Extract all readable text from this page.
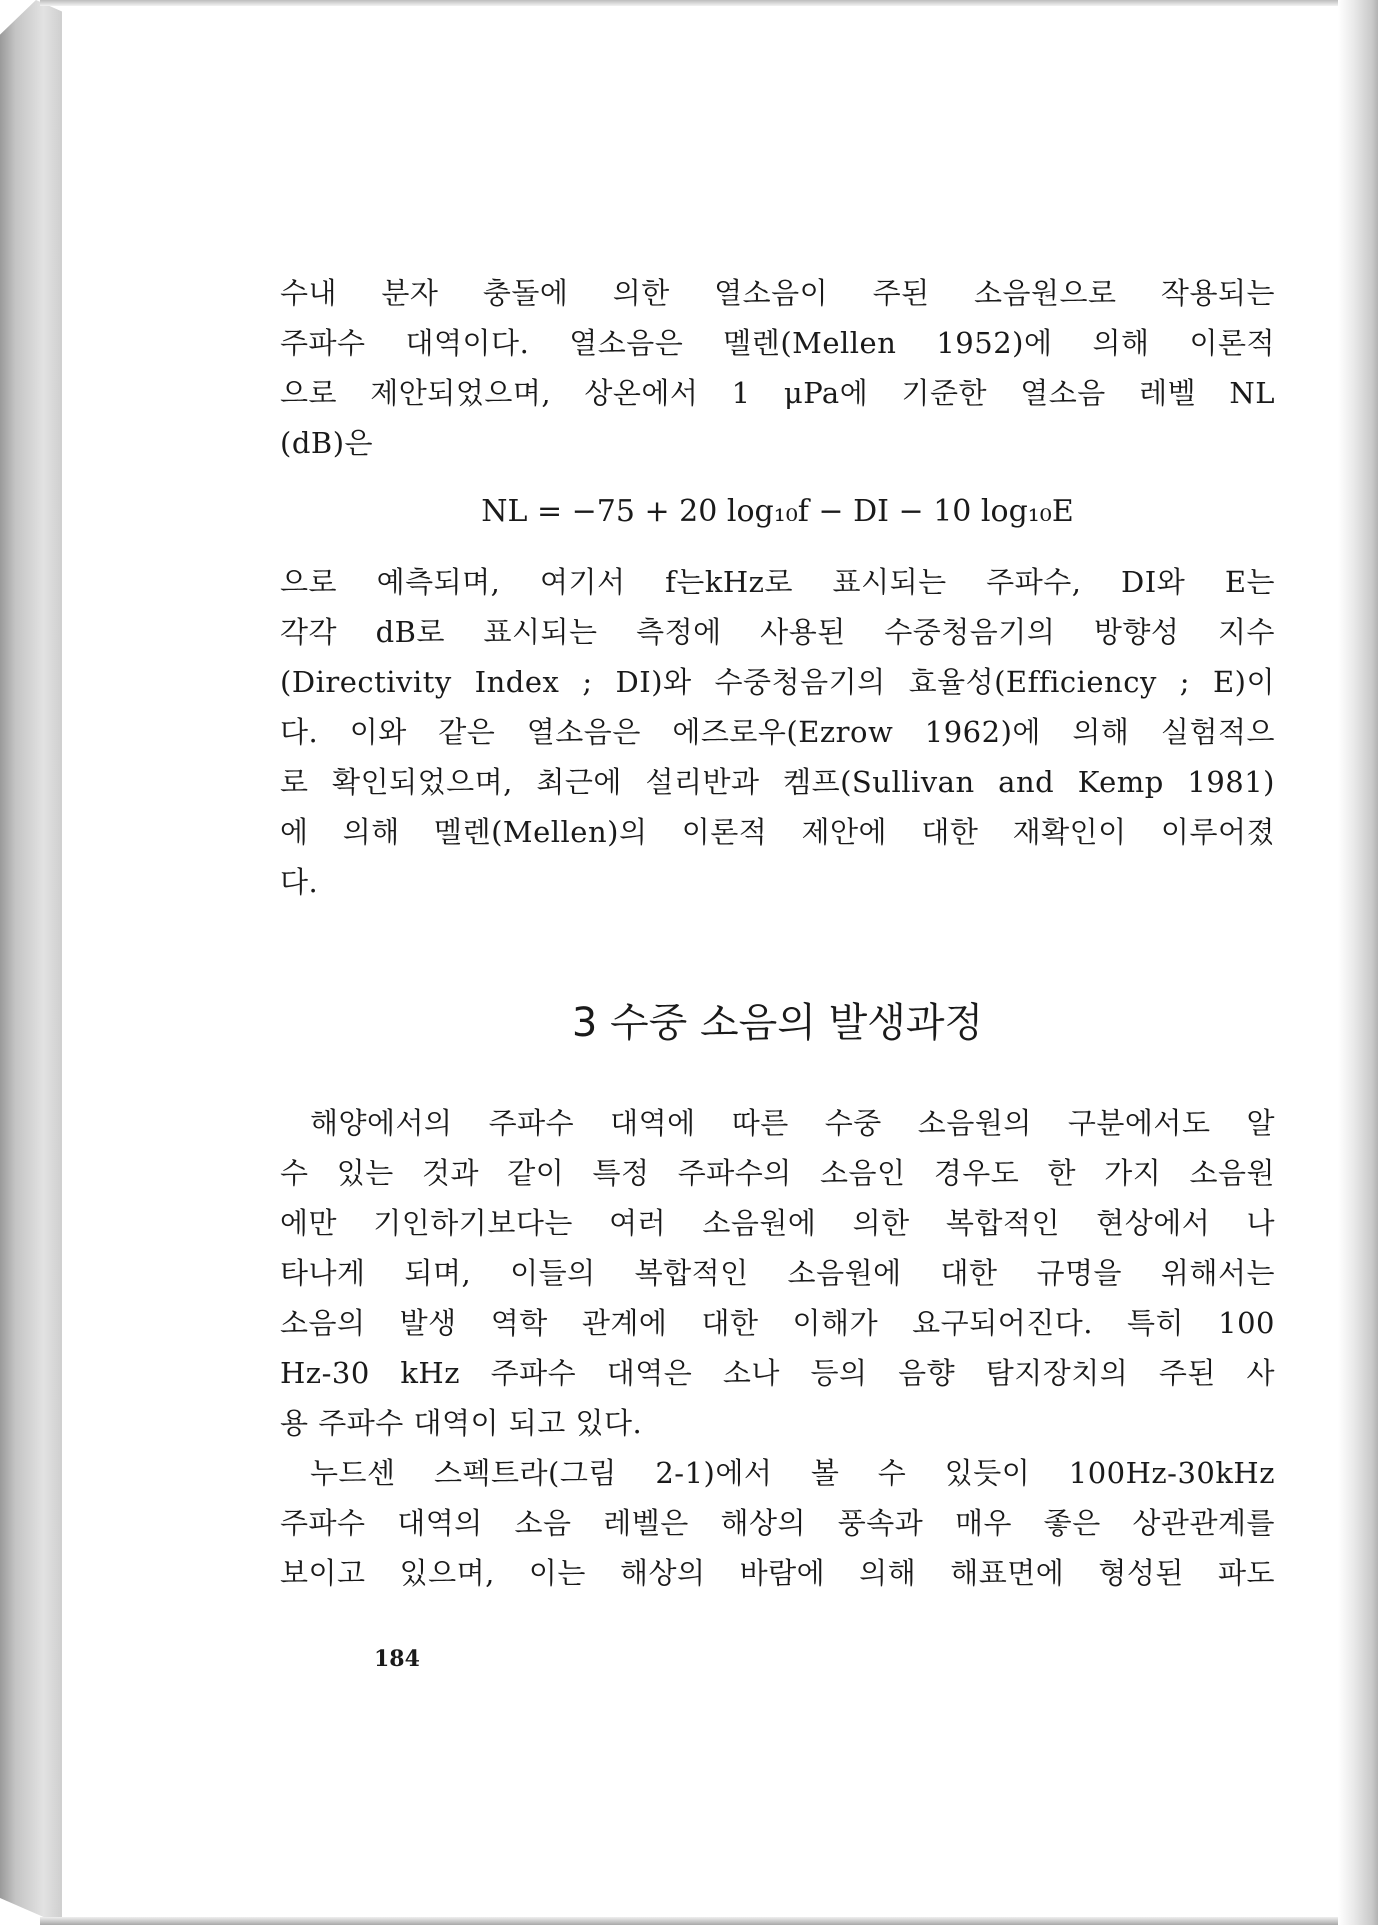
수내 분자 충돌에 의한 열소음이 주된 소음원으로 작용되는
주파수 대역이다. 열소음은 멜렌(Mellen 1952)에 의해 이론적
으로 제안되었으며, 상온에서 1 μPa에 기준한 열소음 레벨 NL
(dB)은
NL = −75 + 20 log₁₀f − DI − 10 log₁₀E
으로 예측되며, 여기서 f는kHz로 표시되는 주파수, DI와 E는
각각 dB로 표시되는 측정에 사용된 수중청음기의 방향성 지수
(Directivity Index ; DI)와 수중청음기의 효율성(Efficiency ; E)이
다. 이와 같은 열소음은 에즈로우(Ezrow 1962)에 의해 실험적으
로 확인되었으며, 최근에 설리반과 켐프(Sullivan and Kemp 1981)
에 의해 멜렌(Mellen)의 이론적 제안에 대한 재확인이 이루어졌
다.
3 수중 소음의 발생과정
해양에서의 주파수 대역에 따른 수중 소음원의 구분에서도 알
수 있는 것과 같이 특정 주파수의 소음인 경우도 한 가지 소음원
에만 기인하기보다는 여러 소음원에 의한 복합적인 현상에서 나
타나게 되며, 이들의 복합적인 소음원에 대한 규명을 위해서는
소음의 발생 역학 관계에 대한 이해가 요구되어진다. 특히 100
Hz-30 kHz 주파수 대역은 소나 등의 음향 탐지장치의 주된 사
용 주파수 대역이 되고 있다.
누드센 스펙트라(그림 2-1)에서 볼 수 있듯이 100Hz-30kHz
주파수 대역의 소음 레벨은 해상의 풍속과 매우 좋은 상관관계를
보이고 있으며, 이는 해상의 바람에 의해 해표면에 형성된 파도
184
